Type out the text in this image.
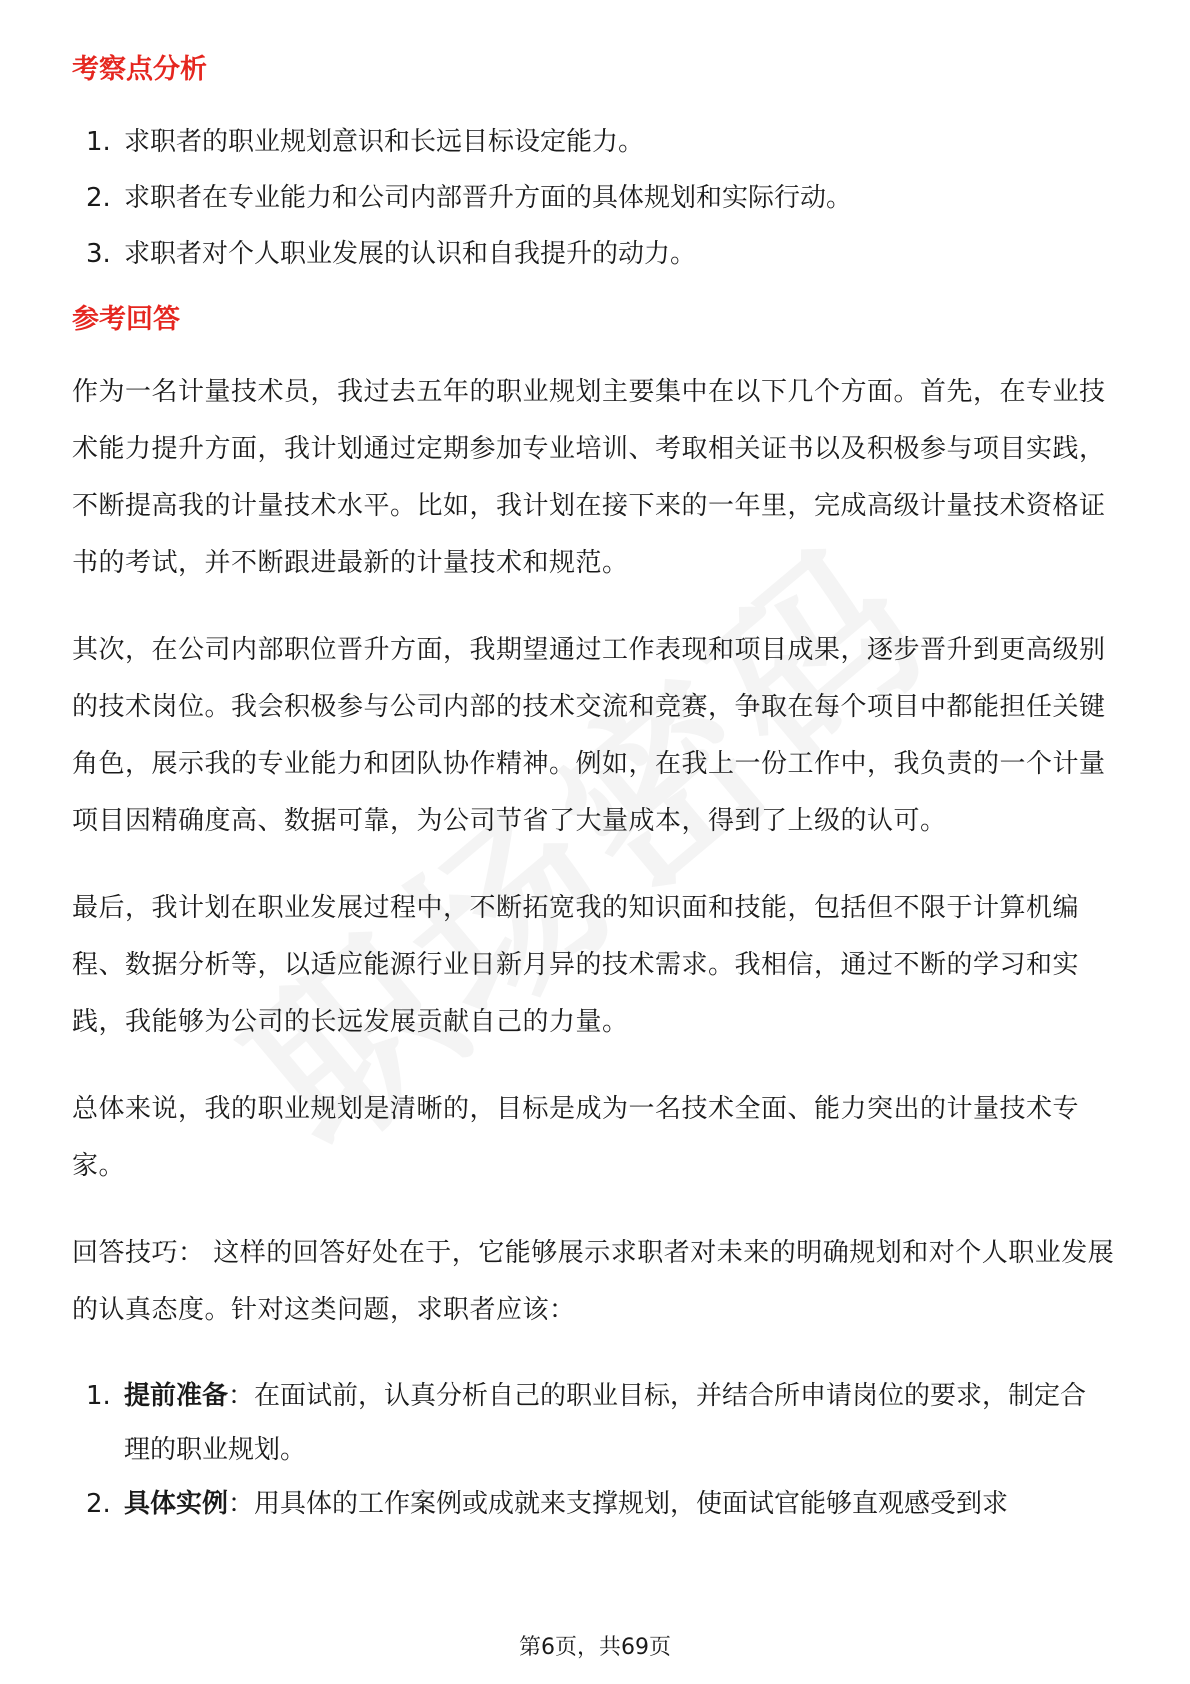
考察点分析
1. 求职者的职业规划意识和长远目标设定能力。
2. 求职者在专业能力和公司内部晋升方面的具体规划和实际行动。
3. 求职者对个人职业发展的认识和自我提升的动力。
参考回答

作为一名计量技术员，我过去五年的职业规划主要集中在以下几个方面。首先，在专业技术能力提升方面，我计划通过定期参加专业培训、考取相关证书以及积极参与项目实践，不断提高我的计量技术水平。比如，我计划在接下来的一年里，完成高级计量技术资格证书的考试，并不断跟进最新的计量技术和规范。

其次，在公司内部职位晋升方面，我期望通过工作表现和项目成果，逐步晋升到更高级别的技术岗位。我会积极参与公司内部的技术交流和竞赛，争取在每个项目中都能担任关键角色，展示我的专业能力和团队协作精神。例如，在我上一份工作中，我负责的一个计量项目因精确度高、数据可靠，为公司节省了大量成本，得到了上级的认可。

最后，我计划在职业发展过程中，不断拓宽我的知识面和技能，包括但不限于计算机编程、数据分析等，以适应能源行业日新月异的技术需求。我相信，通过不断的学习和实践，我能够为公司的长远发展贡献自己的力量。

总体来说，我的职业规划是清晰的，目标是成为一名技术全面、能力突出的计量技术专家。

回答技巧： 这样的回答好处在于，它能够展示求职者对未来的明确规划和对个人职业发展的认真态度。针对这类问题，求职者应该：

1. 提前准备：在面试前，认真分析自己的职业目标，并结合所申请岗位的要求，制定合理的职业规划。
2. 具体实例：用具体的工作案例或成就来支撑规划，使面试官能够直观感受到求
第6页，共69页
